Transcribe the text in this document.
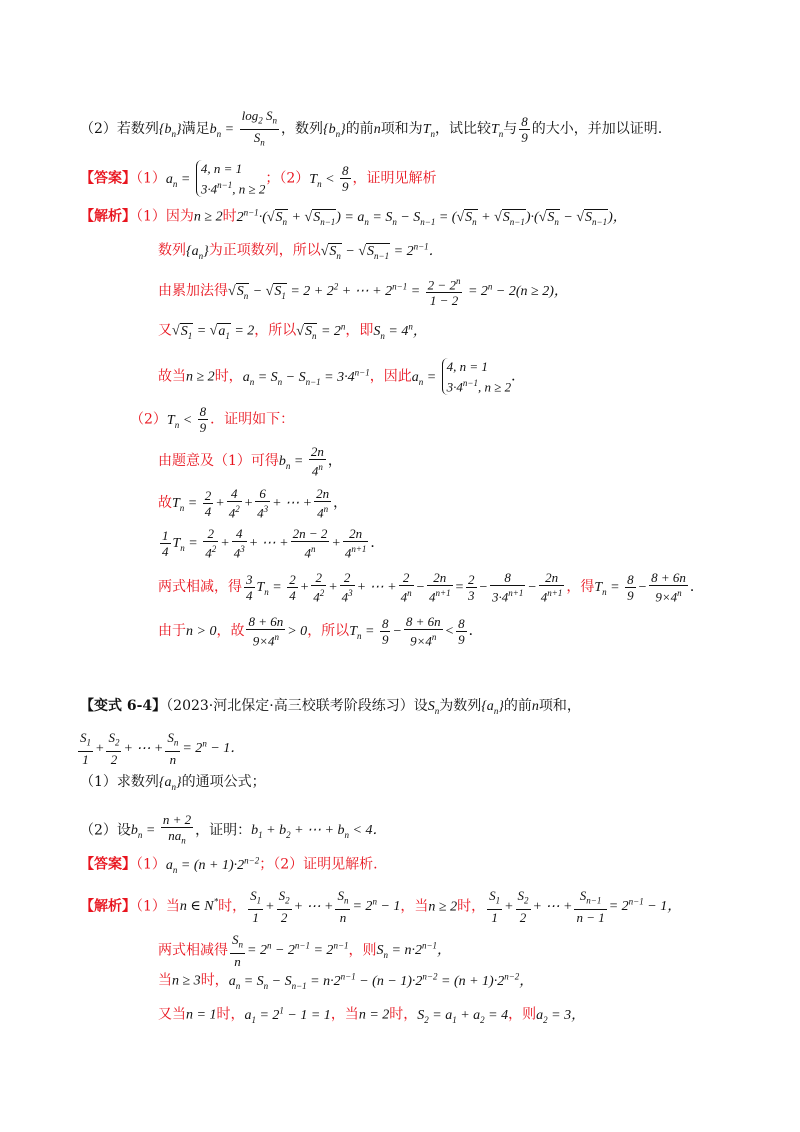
（2）若数列$\{b_n\}$满足$b_n = \frac{\log_2 S_n}{S_n}$ ，数列$\{b_n\}$的前n项和为$T_n$，试比较$T_n$与 $\frac{8}{9}$ 的大小，并加以证明.
【答案】$(1)a_n$ =
4, n = 1
$3\cdot 4^{n-1}$, n ≥ 2
；$(2)T_n < \frac{8}{9}$ ，证明见解析
【解析】（1）因为n ≥ 2时$2^{n-1}\cdot(√S_n + √S_{n-1}) = a_n = S_n - S_{n-1} = (√S_n + √S_{n-1})\cdot(√S_n - √S_{n-1})$，
数列$\{a_n\}$为正项数列，所以$√S_n - √S_{n-1} = 2^{n-1}$．
由累加法得$√S_n - √S_1 = 2 + 2^2$ + ⋯ + $2^{n-1} = \frac{2 - 2^n}{1 - 2} = 2^n - 2(n \ge 2)$，
又$√S_1 = √a_1 = 2$，所以$√S_n = 2^n$，即$S_n = 4^n$，
故当n ≥ 2时，$a_n = S_n - S_{n-1} = 3\cdot 4^{n-1}$，因此$a_n$ =
4, n = 1
$3\cdot 4^{n-1}$, n ≥ 2
．
$(2)T_n < \frac{8}{9}$ ．证明如下：
由题意及（1）可得$b_n = \frac{2n}{4^n}$ ，
故$T_n = \frac{2}{4} + \frac{4}{4^2} + \frac{6}{4^3}$ + ⋯ + $\frac{2n}{4^n}$ ，
$\frac{1}{4} T_n = \frac{2}{4^2} + \frac{4}{4^3}$ + ⋯ + $\frac{2n - 2}{4^n} + \frac{2n}{4^{n+1}}$ ．
两式相减，得 $\frac{3}{4} T_n = \frac{2}{4} + \frac{2}{4^2} + \frac{2}{4^3}$ + ⋯ + $\frac{2}{4^n} - \frac{2n}{4^{n+1}} = \frac{2}{3} - \frac{8}{3\cdot 4^{n+1}} - \frac{2n}{4^{n+1}}$ ，得$T_n = \frac{8}{9} - \frac{8 + 6n}{9\times 4^n}$ ．
由于n > 0，故 $\frac{8 + 6n}{9\times 4^n} > 0$，所以$T_n = \frac{8}{9} - \frac{8 + 6n}{9\times 4^n} < \frac{8}{9}$ ．
【变式 6-4】（2023·河北保定·高三校联考阶段练习）设$S_n$为数列$\{a_n\}$的前n项和，
$\frac{S_1}{1} + \frac{S_2}{2}$ + ⋯ + $\frac{S_n}{n} = 2^n - 1$．
（1）求数列$\{a_n\}$的通项公式；
（2）设$b_n = \frac{n + 2}{na_n}$ ，证明：$b_1 + b_2$ + ⋯ + $b_n < 4$．
【答案】$(1)a_n = (n + 1)\cdot 2^{n-2}$；（2）证明见解析.
【解析】（1）当n ∈ N*时， $\frac{S_1}{1} + \frac{S_2}{2}$ + ⋯ + $\frac{S_n}{n} = 2^n - 1$，当n ≥ 2时， $\frac{S_1}{1} + \frac{S_2}{2}$ + ⋯ + $\frac{S_{n-1}}{n - 1} = 2^{n-1} - 1$，
两式相减得 $\frac{S_n}{n} = 2^n - 2^{n-1} = 2^{n-1}$，则$S_n = n\cdot 2^{n-1}$，
当n ≥ 3时，$a_n = S_n - S_{n-1} = n\cdot 2^{n-1} - (n - 1)\cdot 2^{n-2} = (n + 1)\cdot 2^{n-2}$，
又当n = 1时，$a_1 = 2^1 - 1 = 1$，当n = 2时，$S_2 = a_1 + a_2 = 4$，则$a_2 = 3$，
